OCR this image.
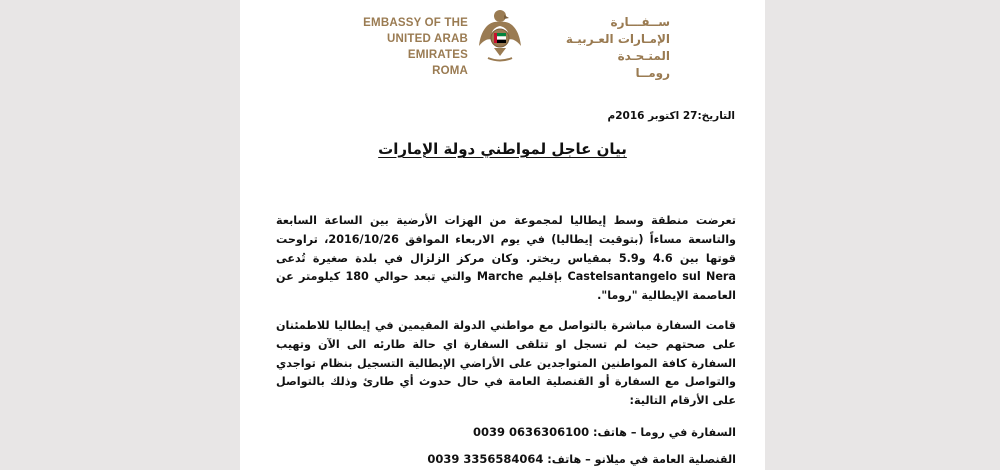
EMBASSY OF THE
UNITED ARAB EMIRATES
ROMA
ســفـــارة
الإمـارات العـربيـة المتـحـدة
رومــا
التاريخ:27 اكتوبر 2016م
بيان عاجل لمواطني دولة الإمارات

تعرضت منطقة وسط إيطاليا لمجموعة من الهزات الأرضية بين الساعة السابعة والتاسعة مساءاً (بتوقيت إيطاليا) في يوم الاربعاء الموافق 2016/10/26، تراوحت قوتها بين 4.6 و5.9 بمقياس ريختر. وكان مركز الزلزال في بلدة صغيرة تُدعى Castelsantangelo sul Nera بإقليم Marche والتي تبعد حوالي 180 كيلومتر عن العاصمة الإيطالية "روما".

قامت السفارة مباشرة بالتواصل مع مواطني الدولة المقيمين في إيطاليا للاطمئنان على صحتهم حيث لم تسجل او تتلقى السفارة اي حالة طارئه الى الآن وتهيب السفارة كافة المواطنين المتواجدين على الأراضي الإيطالية التسجيل بنظام تواجدي والتواصل مع السفارة أو القنصلية العامة في حال حدوث أي طارئ وذلك بالتواصل على الأرقام التالية:

السفارة في روما – هاتف: 0039 0636306100
القنصلية العامة في ميلانو – هاتف: 0039 3356584064
